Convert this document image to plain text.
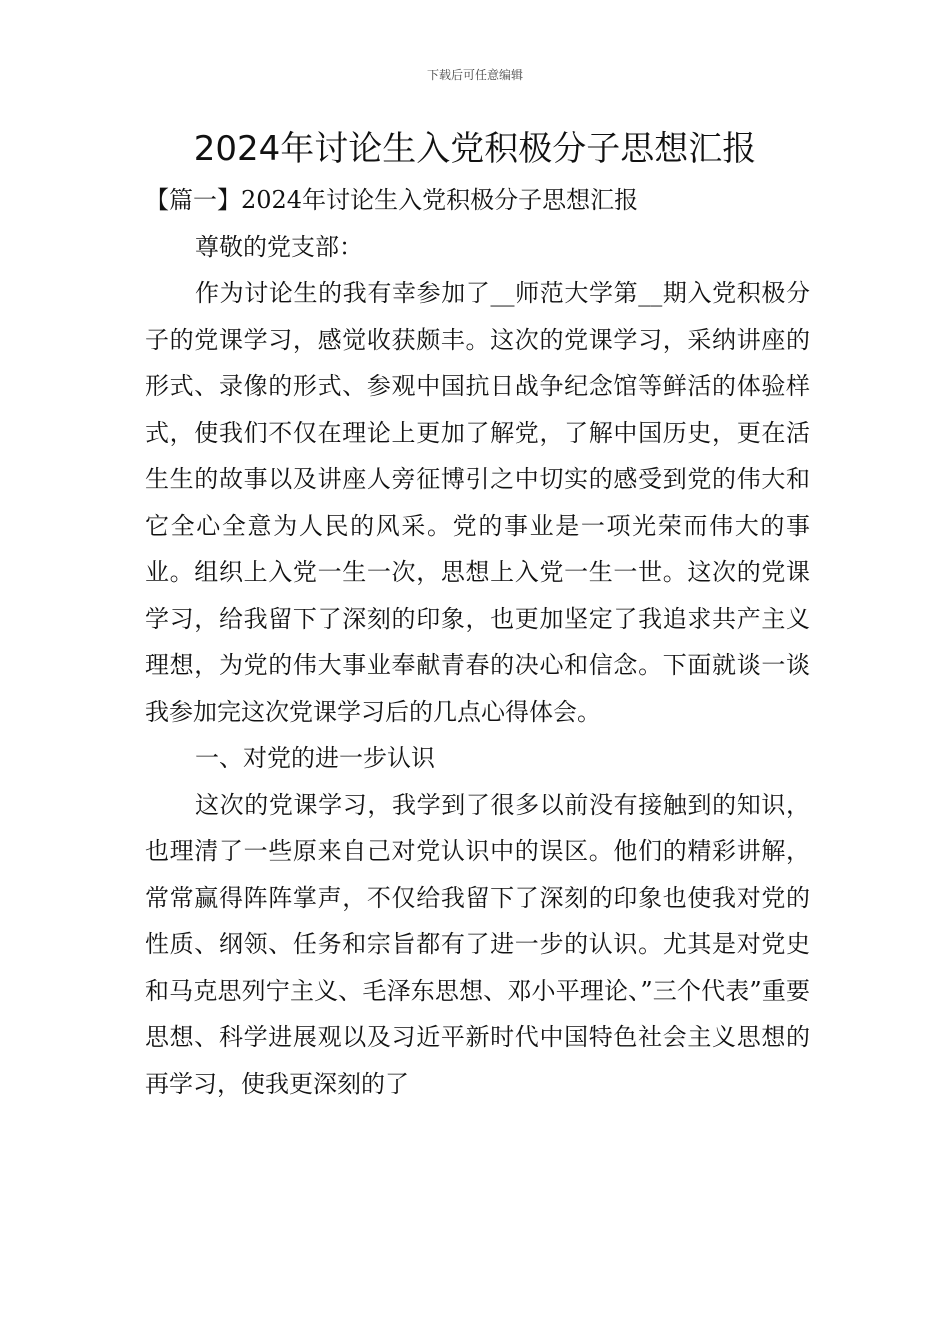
下载后可任意编辑
2024年讨论生入党积极分子思想汇报

【篇一】2024年讨论生入党积极分子思想汇报

尊敬的党支部：

作为讨论生的我有幸参加了__师范大学第__期入党积极分子的党课学习，感觉收获颇丰。这次的党课学习，采纳讲座的形式、录像的形式、参观中国抗日战争纪念馆等鲜活的体验样式，使我们不仅在理论上更加了解党，了解中国历史，更在活生生的故事以及讲座人旁征博引之中切实的感受到党的伟大和它全心全意为人民的风采。党的事业是一项光荣而伟大的事业。组织上入党一生一次，思想上入党一生一世。这次的党课学习，给我留下了深刻的印象，也更加坚定了我追求共产主义理想，为党的伟大事业奉献青春的决心和信念。下面就谈一谈我参加完这次党课学习后的几点心得体会。

一、对党的进一步认识

这次的党课学习，我学到了很多以前没有接触到的知识，也理清了一些原来自己对党认识中的误区。他们的精彩讲解，常常赢得阵阵掌声，不仅给我留下了深刻的印象也使我对党的性质、纲领、任务和宗旨都有了进一步的认识。尤其是对党史和马克思列宁主义、毛泽东思想、邓小平理论、”三个代表”重要思想、科学进展观以及习近平新时代中国特色社会主义思想的再学习，使我更深刻的了
